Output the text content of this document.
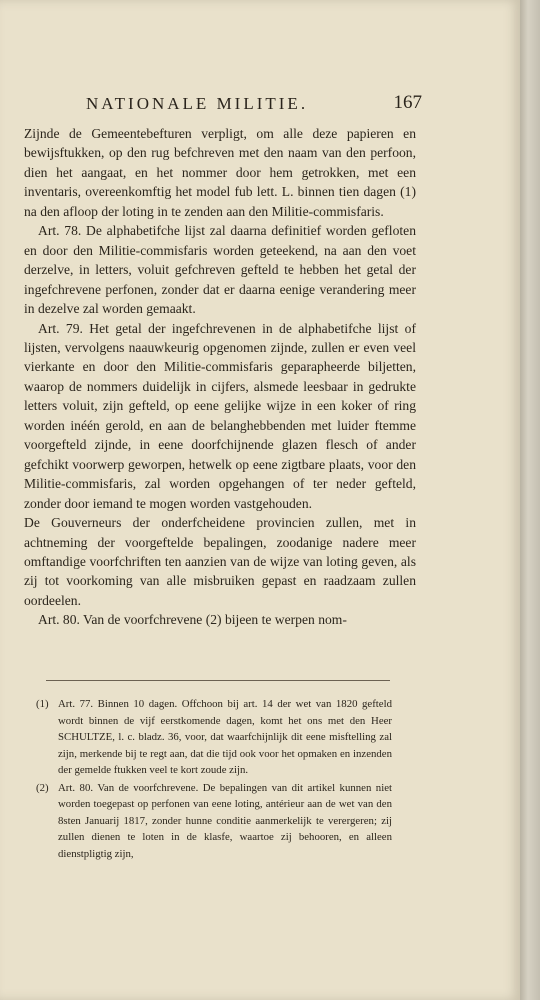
NATIONALE MILITIE.	167

Zijnde de Gemeentebefturen verpligt, om alle deze papieren en bewijsftukken, op den rug befchreven met den naam van den perfoon, dien het aangaat, en het nommer door hem getrokken, met een inventaris, overeenkomftig het model fub lett. L. binnen tien dagen (1) na den afloop der loting in te zenden aan den Militie-commisfaris.

Art. 78. De alphabetifche lijst zal daarna definitief worden gefloten en door den Militie-commisfaris worden geteekend, na aan den voet derzelve, in letters, voluit gefchreven gefteld te hebben het getal der ingefchrevene perfonen, zonder dat er daarna eenige verandering meer in dezelve zal worden gemaakt.

Art. 79. Het getal der ingefchrevenen in de alphabetifche lijst of lijsten, vervolgens naauwkeurig opgenomen zijnde, zullen er even veel vierkante en door den Militie-commisfaris geparapheerde biljetten, waarop de nommers duidelijk in cijfers, alsmede leesbaar in gedrukte letters voluit, zijn gefteld, op eene gelijke wijze in een koker of ring worden inéén gerold, en aan de belanghebbenden met luider ftemme voorgefteld zijnde, in eene doorfchijnende glazen flesch of ander gefchikt voorwerp geworpen, hetwelk op eene zigtbare plaats, voor den Militie-commisfaris, zal worden opgehangen of ter neder gefteld, zonder door iemand te mogen worden vastgehouden.

De Gouverneurs der onderfcheidene provincien zullen, met in achtneming der voorgeftelde bepalingen, zoodanige nadere meer omftandige voorfchriften ten aanzien van de wijze van loting geven, als zij tot voorkoming van alle misbruiken gepast en raadzaam zullen oordeelen.

Art. 80. Van de voorfchrevene (2) bijeen te werpen nom-

(1) Art. 77. Binnen 10 dagen. Offchoon bij art. 14 der wet van 1820 gefteld wordt binnen de vijf eerstkomende dagen, komt het ons met den Heer SCHULTZE, l. c. bladz. 36, voor, dat waarfchijnlijk dit eene misftelling zal zijn, merkende bij te regt aan, dat die tijd ook voor het opmaken en inzenden der gemelde ftukken veel te kort zoude zijn.

(2) Art. 80. Van de voorfchrevene. De bepalingen van dit artikel kunnen niet worden toegepast op perfonen van eene loting, antérieur aan de wet van den 8sten Januarij 1817, zonder hunne conditie aanmerkelijk te verergeren; zij zullen dienen te loten in de klasfe, waartoe zij behooren, en alleen dienstpligtig zijn,
